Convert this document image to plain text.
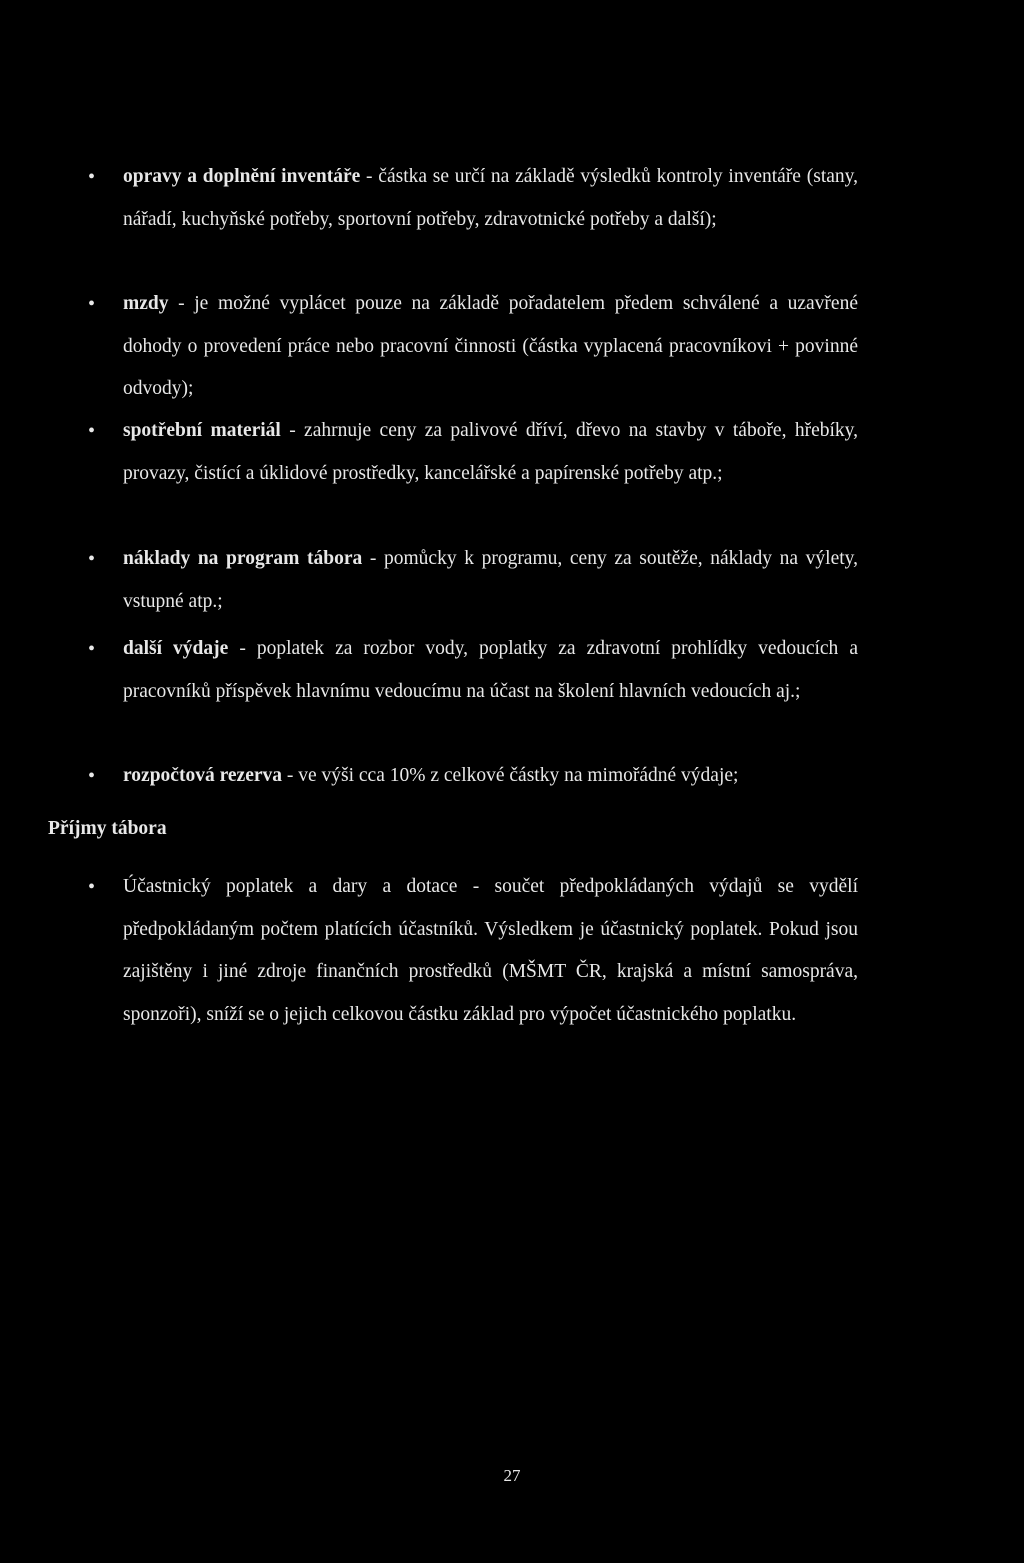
• opravy a doplnění inventáře - částka se určí na základě výsledků kontroly inventáře (stany, nářadí, kuchyňské potřeby, sportovní potřeby, zdravotnické potřeby a další);
• mzdy - je možné vyplácet pouze na základě pořadatelem předem schválené a uzavřené dohody o provedení práce nebo pracovní činnosti (částka vyplacená pracovníkovi + povinné odvody);
• spotřební materiál - zahrnuje ceny za palivové dříví, dřevo na stavby v táboře, hřebíky, provazy, čistící a úklidové prostředky, kancelářské a papírenské potřeby atp.;
• náklady na program tábora - pomůcky k programu, ceny za soutěže, náklady na výlety, vstupné atp.;
• další výdaje - poplatek za rozbor vody, poplatky za zdravotní prohlídky vedoucích a pracovníků příspěvek hlavnímu vedoucímu na účast na školení hlavních vedoucích aj.;
• rozpočtová rezerva - ve výši cca 10% z celkové částky na mimořádné výdaje;
Příjmy tábora
• Účastnický poplatek a dary a dotace - součet předpokládaných výdajů se vydělí předpokládaným počtem platících účastníků. Výsledkem je účastnický poplatek. Pokud jsou zajištěny i jiné zdroje finančních prostředků (MŠMT ČR, krajská a místní samospráva, sponzoři), sníží se o jejich celkovou částku základ pro výpočet účastnického poplatku.
27
